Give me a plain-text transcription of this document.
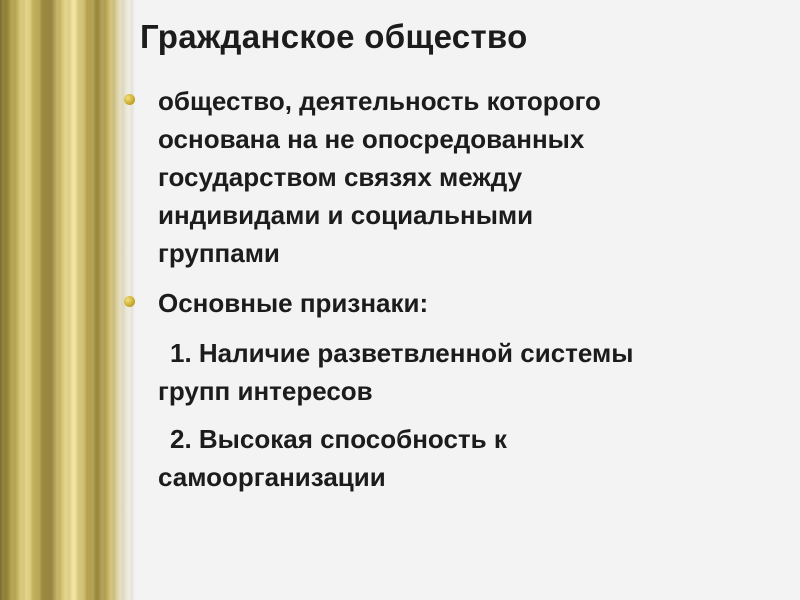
Гражданское общество
общество, деятельность которого
основана на не опосредованных
государством связях между
индивидами и социальными
группами
Основные признаки:
1. Наличие разветвленной системы
групп интересов
2. Высокая способность к
самоорганизации
